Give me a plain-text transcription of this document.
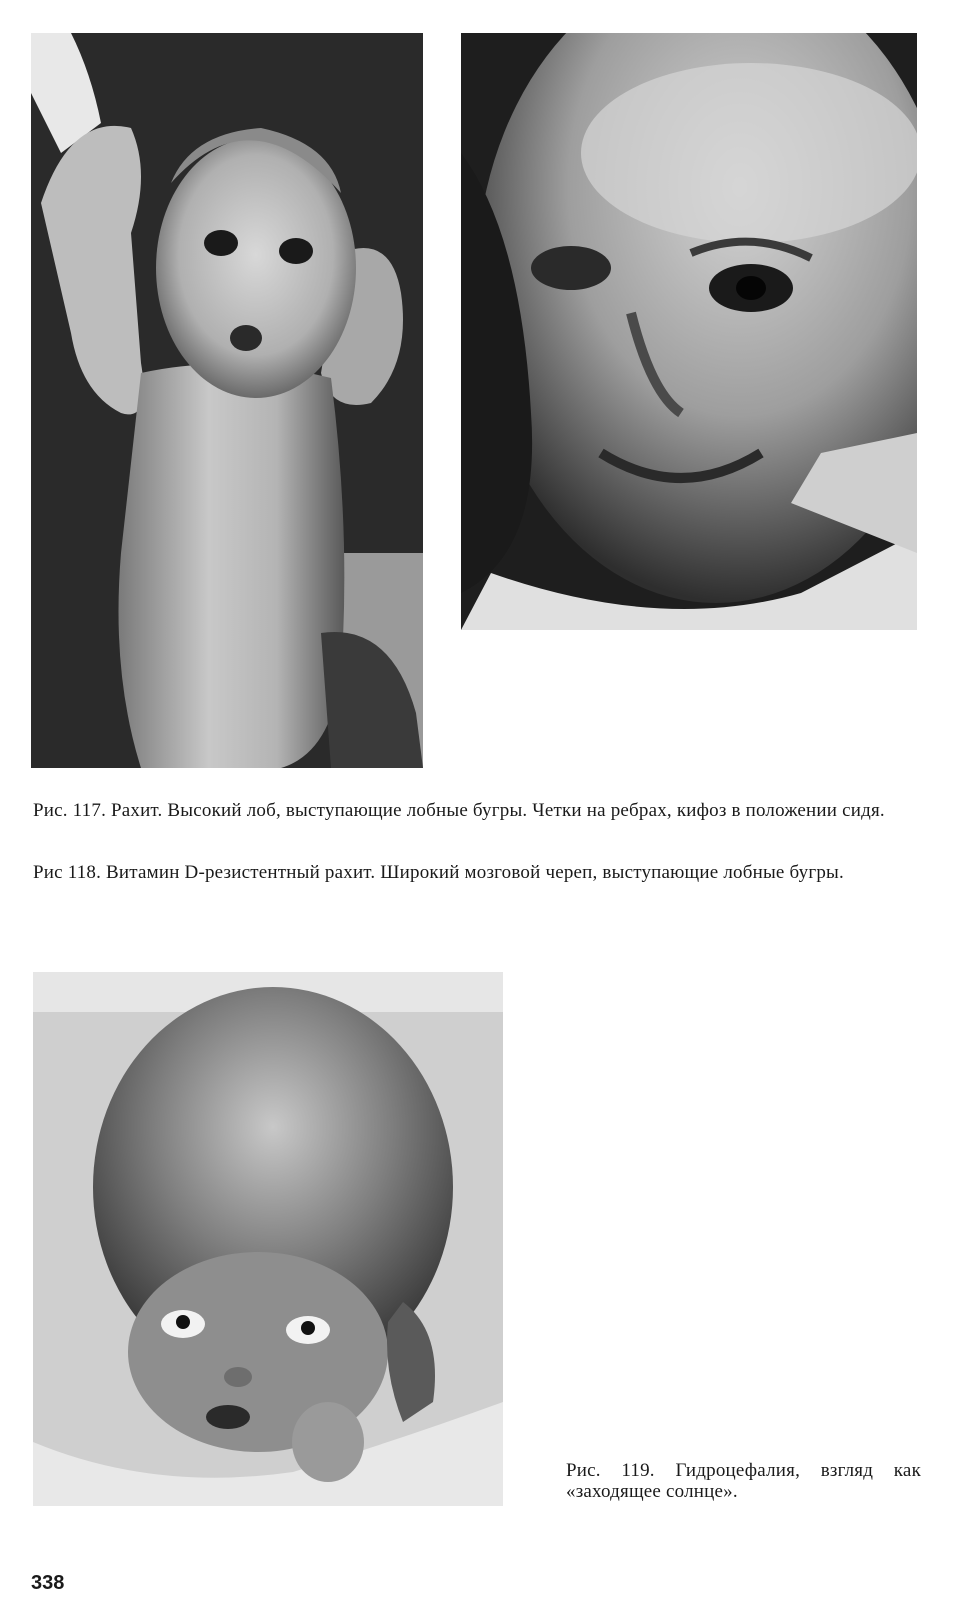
Рис. 117. Рахит. Высокий лоб, выступающие лобные бугры. Четки на ребрах, кифоз в положении сидя.
Рис 118. Витамин D-резистентный рахит. Широкий мозговой череп, выступающие лобные бугры.
Рис. 119. Гидроцефалия, взгляд как «заходящее солнце».
338
